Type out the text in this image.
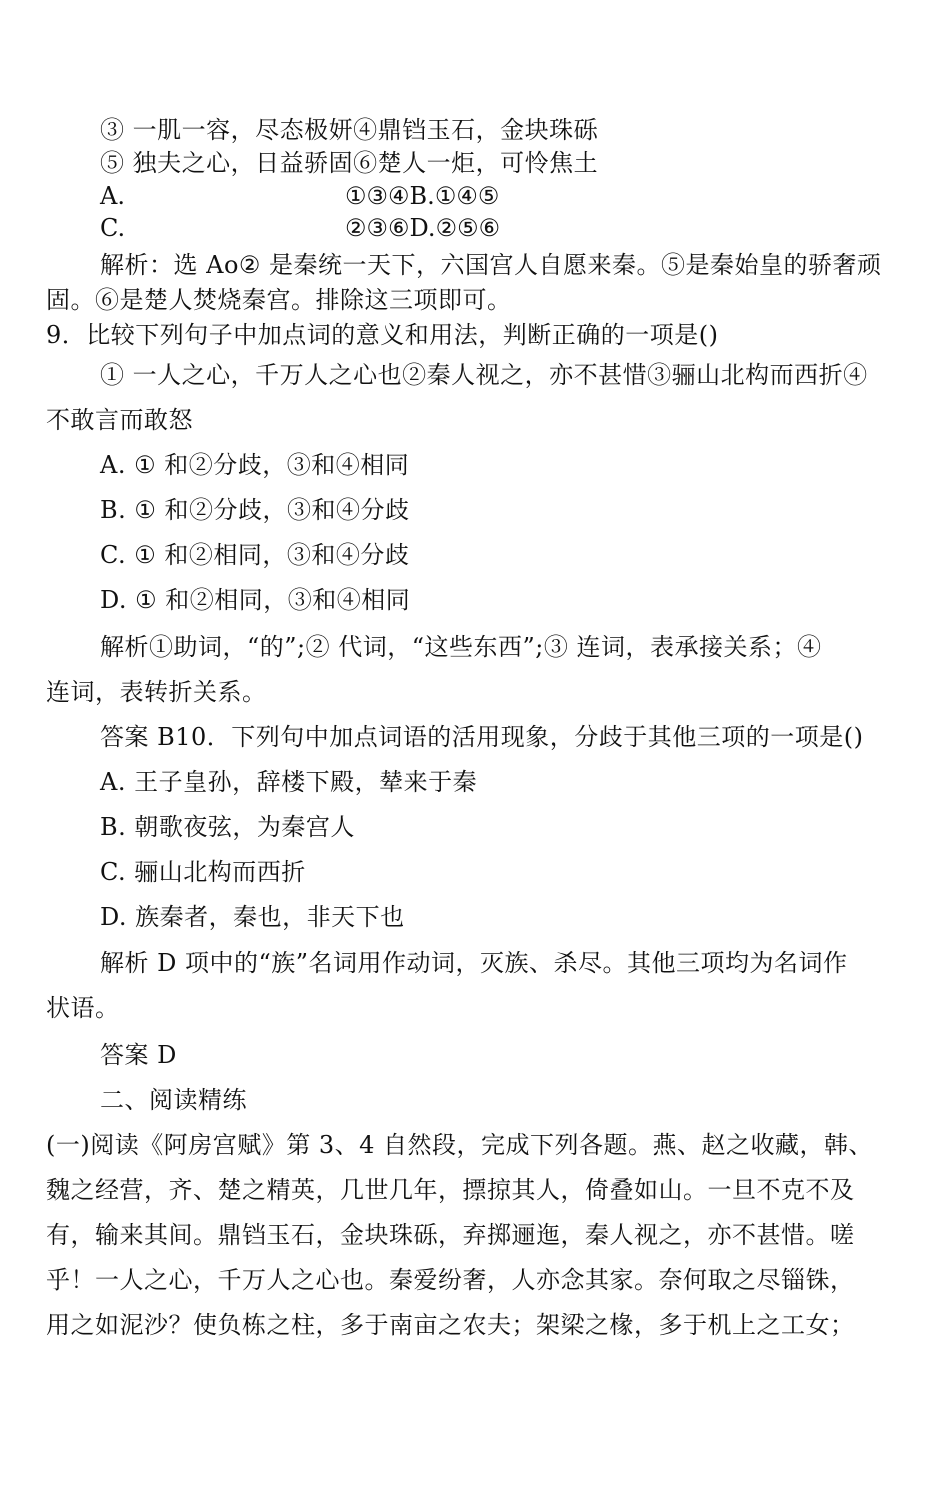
③ 一肌一容，尽态极妍④鼎铛玉石，金块珠砾
⑤ 独夫之心，日益骄固⑥楚人一炬，可怜焦土
A.	①③④B.①④⑤
C.	②③⑥D.②⑤⑥
解析：选 Ao② 是秦统一天下，六国宫人自愿来秦。⑤是秦始皇的骄奢顽
固。⑥是楚人焚烧秦宫。排除这三项即可。
9．比较下列句子中加点词的意义和用法，判断正确的一项是()
① 一人之心，千万人之心也②秦人视之，亦不甚惜③骊山北构而西折④
不敢言而敢怒
A. ① 和②分歧，③和④相同
B. ① 和②分歧，③和④分歧
C. ① 和②相同，③和④分歧
D. ① 和②相同，③和④相同
解析①助词，“的”;② 代词，“这些东西”;③ 连词，表承接关系；④
连词，表转折关系。
答案 B10．下列句中加点词语的活用现象，分歧于其他三项的一项是()
A. 王子皇孙，辞楼下殿，辇来于秦
B. 朝歌夜弦，为秦宫人
C. 骊山北构而西折
D. 族秦者，秦也，非天下也
解析 D 项中的“族”名词用作动词，灭族、杀尽。其他三项均为名词作
状语。
答案 D
二、阅读精练
(一)阅读《阿房宫赋》第 3、4 自然段，完成下列各题。燕、赵之收藏，韩、
魏之经营，齐、楚之精英，几世几年，摽掠其人，倚叠如山。一旦不克不及
有，输来其间。鼎铛玉石，金块珠砾，弃掷逦迤，秦人视之，亦不甚惜。嗟
乎！一人之心，千万人之心也。秦爱纷奢，人亦念其家。奈何取之尽锱铢，
用之如泥沙？使负栋之柱，多于南亩之农夫；架梁之椽，多于机上之工女；
